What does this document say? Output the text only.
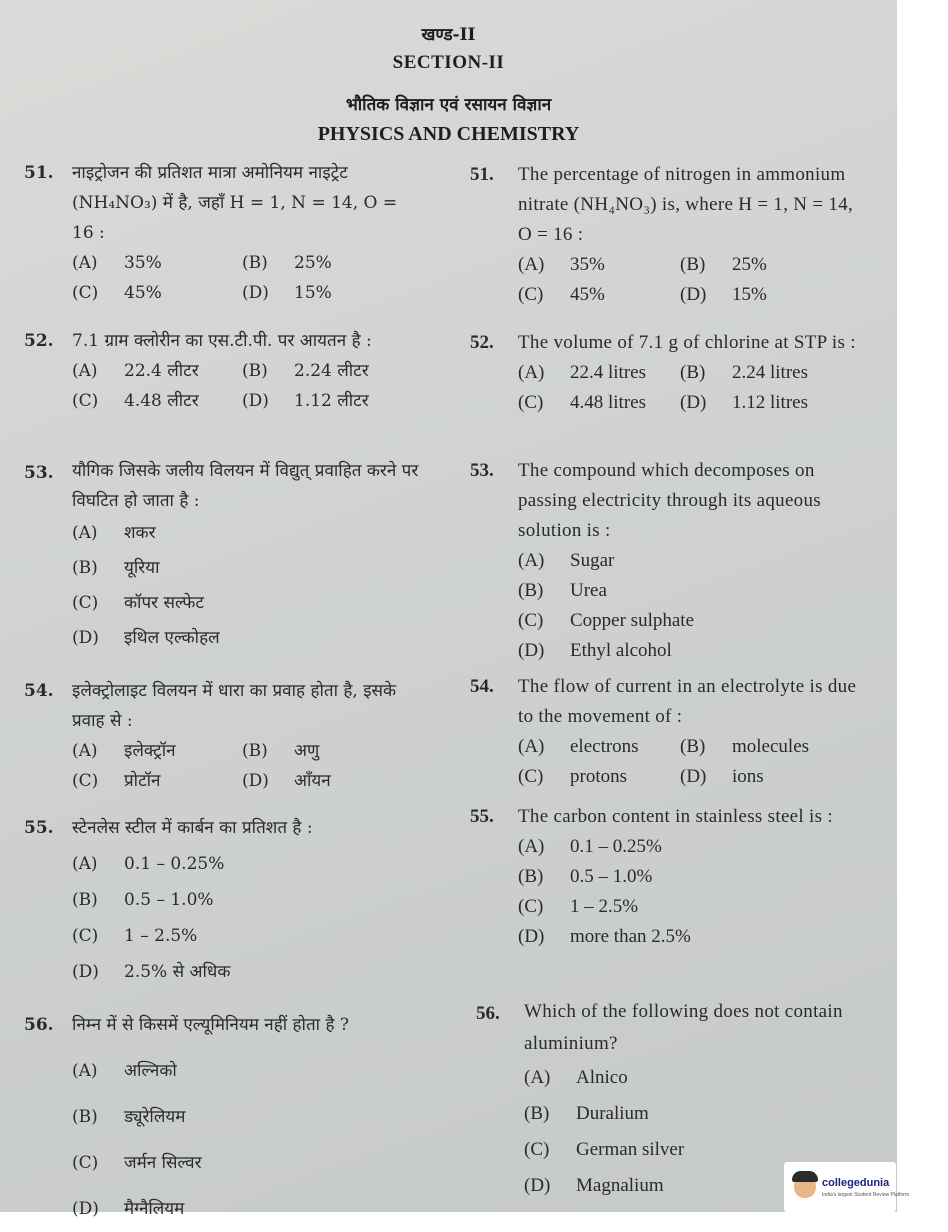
खण्ड-II
SECTION-II
भौतिक विज्ञान एवं रसायन विज्ञान
PHYSICS AND CHEMISTRY
51. नाइट्रोजन की प्रतिशत मात्रा अमोनियम नाइट्रेट (NH₄NO₃) में है, जहाँ H = 1, N = 14, O = 16 :
(A) 35%	(B) 25%
(C) 45%	(D) 15%
52. 7.1 ग्राम क्लोरीन का एस.टी.पी. पर आयतन है :
(A) 22.4 लीटर	(B) 2.24 लीटर
(C) 4.48 लीटर	(D) 1.12 लीटर
53. यौगिक जिसके जलीय विलयन में विद्युत् प्रवाहित करने पर विघटित हो जाता है :
(A) शकर
(B) यूरिया
(C) कॉपर सल्फेट
(D) इथिल एल्कोहल
54. इलेक्ट्रोलाइट विलयन में धारा का प्रवाह होता है, इसके प्रवाह से :
(A) इलेक्ट्रॉन	(B) अणु
(C) प्रोटॉन	(D) आँयन
55. स्टेनलेस स्टील में कार्बन का प्रतिशत है :
(A) 0.1 – 0.25%
(B) 0.5 – 1.0%
(C) 1 – 2.5%
(D) 2.5% से अधिक
56. निम्न में से किसमें एल्यूमिनियम नहीं होता है ?
(A) अल्निको
(B) ड्यूरेलियम
(C) जर्मन सिल्वर
(D) मैग्नैलियम
51. The percentage of nitrogen in ammonium nitrate (NH₄NO₃) is, where H = 1, N = 14, O = 16 :
(A) 35%	(B) 25%
(C) 45%	(D) 15%
52. The volume of 7.1 g of chlorine at STP is :
(A) 22.4 litres (B) 2.24 litres
(C) 4.48 litres (D) 1.12 litres
53. The compound which decomposes on passing electricity through its aqueous solution is :
(A) Sugar
(B) Urea
(C) Copper sulphate
(D) Ethyl alcohol
54. The flow of current in an electrolyte is due to the movement of :
(A) electrons (B) molecules
(C) protons	(D) ions
55. The carbon content in stainless steel is :
(A) 0.1 – 0.25%
(B) 0.5 – 1.0%
(C) 1 – 2.5%
(D) more than 2.5%
56. Which of the following does not contain aluminium?
(A) Alnico
(B) Duralium
(C) German silver
(D) Magnalium	collegedunia
India's largest Student Review Platform
